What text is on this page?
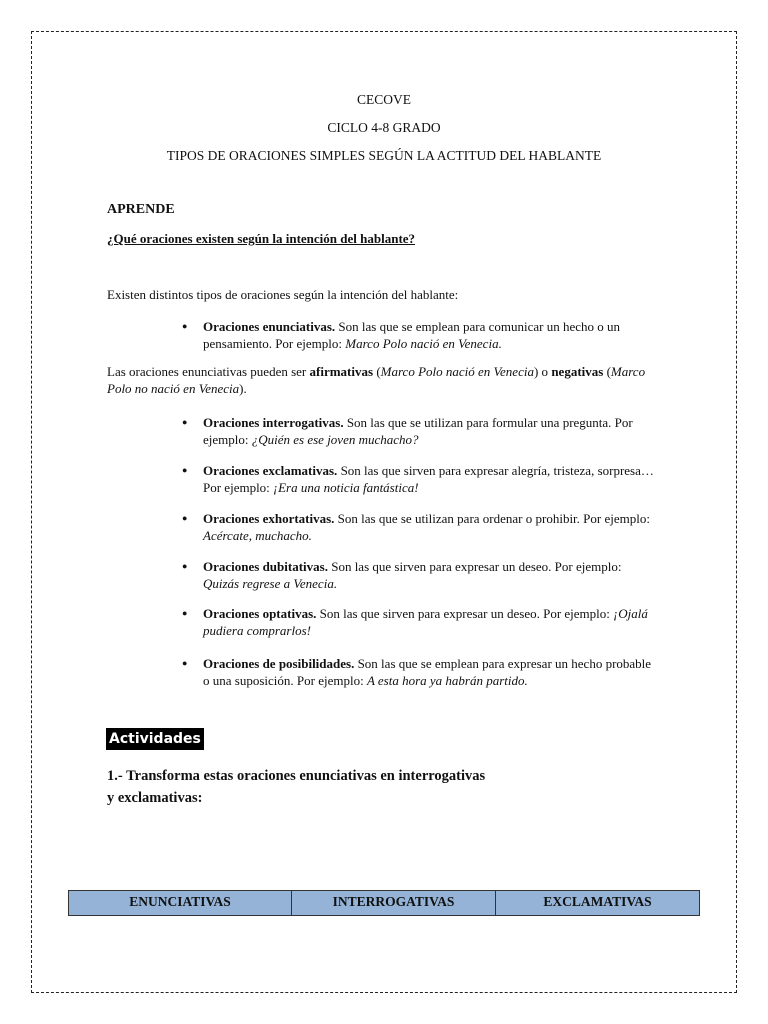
CECOVE
CICLO 4-8 GRADO
TIPOS DE ORACIONES SIMPLES SEGÚN LA ACTITUD DEL HABLANTE
APRENDE
¿Qué oraciones existen según la intención del hablante?
Existen distintos tipos de oraciones según la intención del hablante:
● Oraciones enunciativas. Son las que se emplean para comunicar un hecho o un pensamiento. Por ejemplo: Marco Polo nació en Venecia.
Las oraciones enunciativas pueden ser afirmativas (Marco Polo nació en Venecia) o negativas (Marco Polo no nació en Venecia).
● Oraciones interrogativas. Son las que se utilizan para formular una pregunta. Por ejemplo: ¿Quién es ese joven muchacho?
● Oraciones exclamativas. Son las que sirven para expresar alegría, tristeza, sorpresa… Por ejemplo: ¡Era una noticia fantástica!
● Oraciones exhortativas. Son las que se utilizan para ordenar o prohibir. Por ejemplo: Acércate, muchacho.
● Oraciones dubitativas. Son las que sirven para expresar un deseo. Por ejemplo: Quizás regrese a Venecia.
● Oraciones optativas. Son las que sirven para expresar un deseo. Por ejemplo: ¡Ojalá pudiera comprarlos!
● Oraciones de posibilidades. Son las que se emplean para expresar un hecho probable o una suposición. Por ejemplo: A esta hora ya habrán partido.
Actividades
1.- Transforma estas oraciones enunciativas en interrogativas y exclamativas:
ENUNCIATIVAS	INTERROGATIVAS	EXCLAMATIVAS
